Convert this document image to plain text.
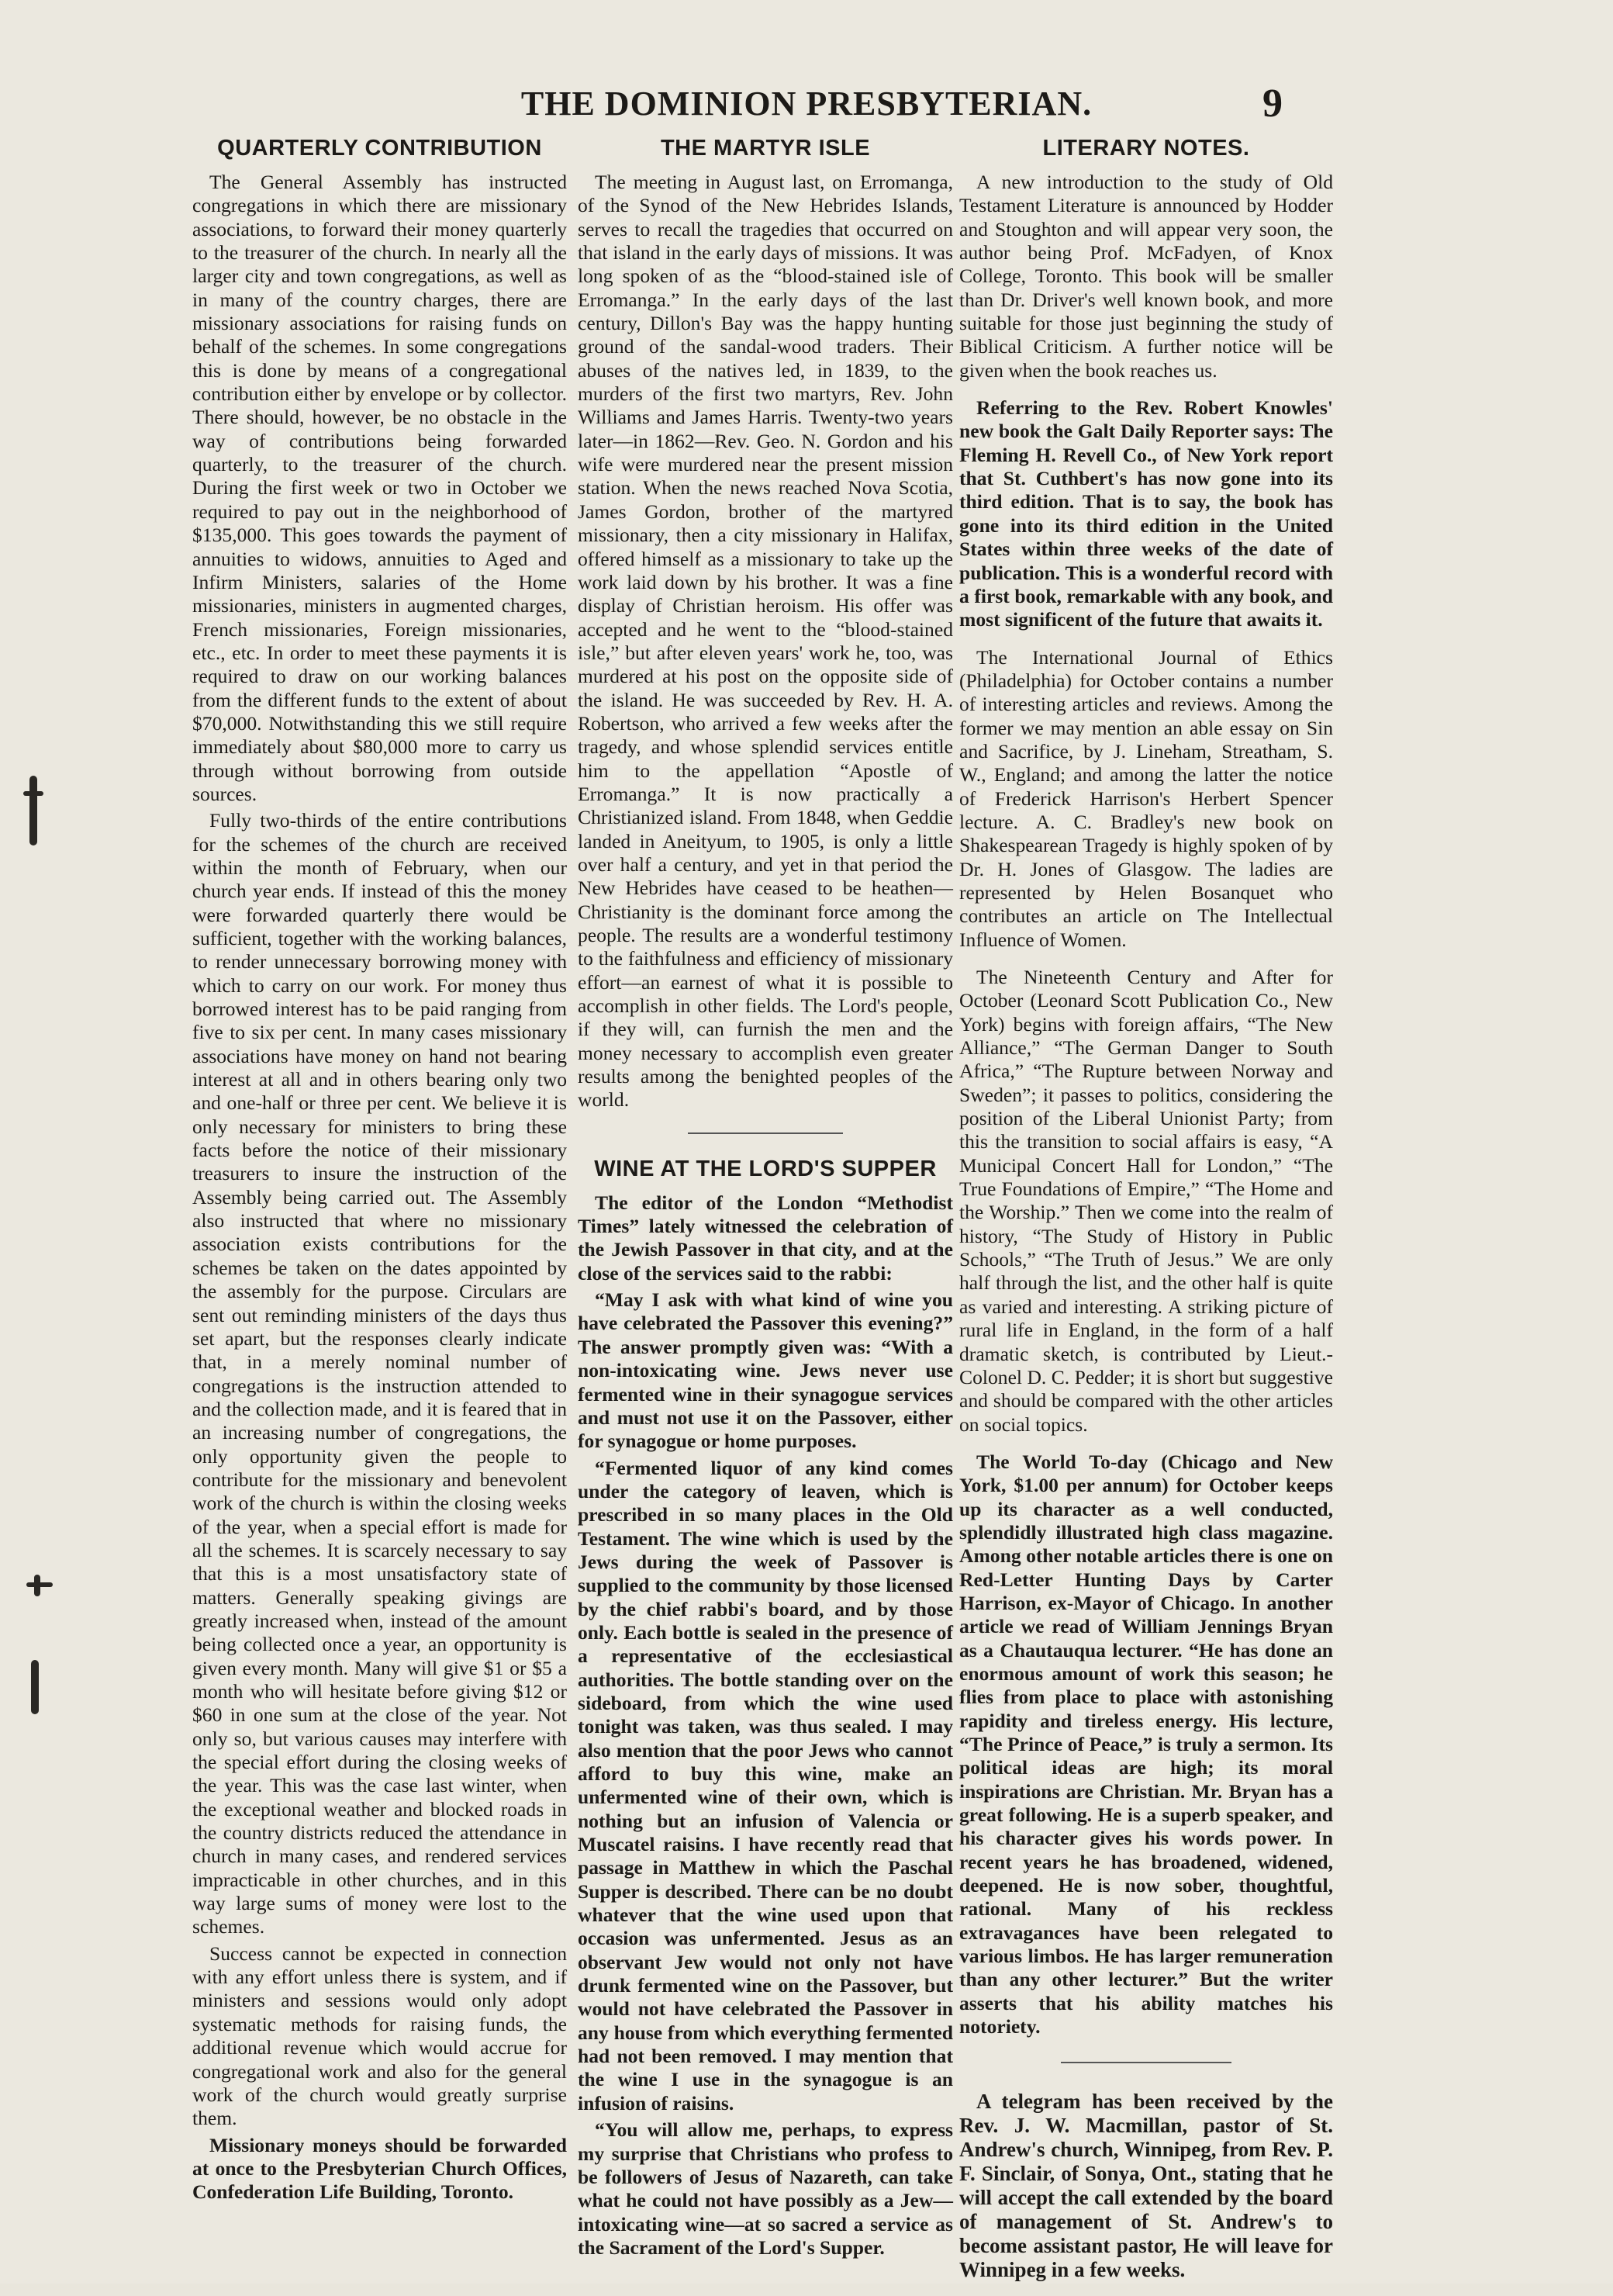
THE DOMINION PRESBYTERIAN.	9
QUARTERLY CONTRIBUTION

The General Assembly has instructed congregations in which there are missionary associations, to forward their money quarterly to the treasurer of the church. In nearly all the larger city and town congregations, as well as in many of the country charges, there are missionary associations for raising funds on behalf of the schemes. In some congregations this is done by means of a congregational contribution either by envelope or by collector. There should, however, be no obstacle in the way of contributions being forwarded quarterly, to the treasurer of the church. During the first week or two in October we required to pay out in the neighborhood of $135,000. This goes towards the payment of annuities to widows, annuities to Aged and Infirm Ministers, salaries of the Home missionaries, ministers in augmented charges, French missionaries, Foreign missionaries, etc., etc. In order to meet these payments it is required to draw on our working balances from the different funds to the extent of about $70,000. Notwithstanding this we still require immediately about $80,000 more to carry us through without borrowing from outside sources.

Fully two-thirds of the entire contributions for the schemes of the church are received within the month of February, when our church year ends. If instead of this the money were forwarded quarterly there would be sufficient, together with the working balances, to render unnecessary borrowing money with which to carry on our work. For money thus borrowed interest has to be paid ranging from five to six per cent. In many cases missionary associations have money on hand not bearing interest at all and in others bearing only two and one-half or three per cent. We believe it is only necessary for ministers to bring these facts before the notice of their missionary treasurers to insure the instruction of the Assembly being carried out. The Assembly also instructed that where no missionary association exists contributions for the schemes be taken on the dates appointed by the assembly for the purpose. Circulars are sent out reminding ministers of the days thus set apart, but the responses clearly indicate that, in a merely nominal number of congregations is the instruction attended to and the collection made, and it is feared that in an increasing number of congregations, the only opportunity given the people to contribute for the missionary and benevolent work of the church is within the closing weeks of the year, when a special effort is made for all the schemes. It is scarcely necessary to say that this is a most unsatisfactory state of matters. Generally speaking givings are greatly increased when, instead of the amount being collected once a year, an opportunity is given every month. Many will give $1 or $5 a month who will hesitate before giving $12 or $60 in one sum at the close of the year. Not only so, but various causes may interfere with the special effort during the closing weeks of the year. This was the case last winter, when the exceptional weather and blocked roads in the country districts reduced the attendance in church in many cases, and rendered services impracticable in other churches, and in this way large sums of money were lost to the schemes.

Success cannot be expected in connection with any effort unless there is system, and if ministers and sessions would only adopt systematic methods for raising funds, the additional revenue which would accrue for congregational work and also for the general work of the church would greatly surprise them.

Missionary moneys should be forwarded at once to the Presbyterian Church Offices, Confederation Life Building, Toronto.

THE MARTYR ISLE

The meeting in August last, on Erromanga, of the Synod of the New Hebrides Islands, serves to recall the tragedies that occurred on that island in the early days of missions. It was long spoken of as the “blood-stained isle of Erromanga.” In the early days of the last century, Dillon's Bay was the happy hunting ground of the sandal-wood traders. Their abuses of the natives led, in 1839, to the murders of the first two martyrs, Rev. John Williams and James Harris. Twenty-two years later—in 1862—Rev. Geo. N. Gordon and his wife were murdered near the present mission station. When the news reached Nova Scotia, James Gordon, brother of the martyred missionary, then a city missionary in Halifax, offered himself as a missionary to take up the work laid down by his brother. It was a fine display of Christian heroism. His offer was accepted and he went to the “blood-stained isle,” but after eleven years' work he, too, was murdered at his post on the opposite side of the island. He was succeeded by Rev. H. A. Robertson, who arrived a few weeks after the tragedy, and whose splendid services entitle him to the appellation “Apostle of Erromanga.” It is now practically a Christianized island. From 1848, when Geddie landed in Aneityum, to 1905, is only a little over half a century, and yet in that period the New Hebrides have ceased to be heathen—Christianity is the dominant force among the people. The results are a wonderful testimony to the faithfulness and efficiency of missionary effort—an earnest of what it is possible to accomplish in other fields. The Lord's people, if they will, can furnish the men and the money necessary to accomplish even greater results among the benighted peoples of the world.

WINE AT THE LORD'S SUPPER

The editor of the London “Methodist Times” lately witnessed the celebration of the Jewish Passover in that city, and at the close of the services said to the rabbi:

“May I ask with what kind of wine you have celebrated the Passover this evening?” The answer promptly given was: “With a non-intoxicating wine. Jews never use fermented wine in their synagogue services and must not use it on the Passover, either for synagogue or home purposes.

“Fermented liquor of any kind comes under the category of leaven, which is prescribed in so many places in the Old Testament. The wine which is used by the Jews during the week of Passover is supplied to the community by those licensed by the chief rabbi's board, and by those only. Each bottle is sealed in the presence of a representative of the ecclesiastical authorities. The bottle standing over on the sideboard, from which the wine used tonight was taken, was thus sealed. I may also mention that the poor Jews who cannot afford to buy this wine, make an unfermented wine of their own, which is nothing but an infusion of Valencia or Muscatel raisins. I have recently read that passage in Matthew in which the Paschal Supper is described. There can be no doubt whatever that the wine used upon that occasion was unfermented. Jesus as an observant Jew would not only not have drunk fermented wine on the Passover, but would not have celebrated the Passover in any house from which everything fermented had not been removed. I may mention that the wine I use in the synagogue is an infusion of raisins.

“You will allow me, perhaps, to express my surprise that Christians who profess to be followers of Jesus of Nazareth, can take what he could not have possibly as a Jew—intoxicating wine—at so sacred a service as the Sacrament of the Lord's Supper.

LITERARY NOTES.

A new introduction to the study of Old Testament Literature is announced by Hodder and Stoughton and will appear very soon, the author being Prof. McFadyen, of Knox College, Toronto. This book will be smaller than Dr. Driver's well known book, and more suitable for those just beginning the study of Biblical Criticism. A further notice will be given when the book reaches us.

Referring to the Rev. Robert Knowles' new book the Galt Daily Reporter says: The Fleming H. Revell Co., of New York report that St. Cuthbert's has now gone into its third edition. That is to say, the book has gone into its third edition in the United States within three weeks of the date of publication. This is a wonderful record with a first book, remarkable with any book, and most significent of the future that awaits it.

The International Journal of Ethics (Philadelphia) for October contains a number of interesting articles and reviews. Among the former we may mention an able essay on Sin and Sacrifice, by J. Lineham, Streatham, S. W., England; and among the latter the notice of Frederick Harrison's Herbert Spencer lecture. A. C. Bradley's new book on Shakespearean Tragedy is highly spoken of by Dr. H. Jones of Glasgow. The ladies are represented by Helen Bosanquet who contributes an article on The Intellectual Influence of Women.

The Nineteenth Century and After for October (Leonard Scott Publication Co., New York) begins with foreign affairs, “The New Alliance,” “The German Danger to South Africa,” “The Rupture between Norway and Sweden”; it passes to politics, considering the position of the Liberal Unionist Party; from this the transition to social affairs is easy, “A Municipal Concert Hall for London,” “The True Foundations of Empire,” “The Home and the Worship.” Then we come into the realm of history, “The Study of History in Public Schools,” “The Truth of Jesus.” We are only half through the list, and the other half is quite as varied and interesting. A striking picture of rural life in England, in the form of a half dramatic sketch, is contributed by Lieut.-Colonel D. C. Pedder; it is short but suggestive and should be compared with the other articles on social topics.

The World To-day (Chicago and New York, $1.00 per annum) for October keeps up its character as a well conducted, splendidly illustrated high class magazine. Among other notable articles there is one on Red-Letter Hunting Days by Carter Harrison, ex-Mayor of Chicago. In another article we read of William Jennings Bryan as a Chautauqua lecturer. “He has done an enormous amount of work this season; he flies from place to place with astonishing rapidity and tireless energy. His lecture, “The Prince of Peace,” is truly a sermon. Its political ideas are high; its moral inspirations are Christian. Mr. Bryan has a great following. He is a superb speaker, and his character gives his words power. In recent years he has broadened, widened, deepened. He is now sober, thoughtful, rational. Many of his reckless extravagances have been relegated to various limbos. He has larger remuneration than any other lecturer.” But the writer asserts that his ability matches his notoriety.

A telegram has been received by the Rev. J. W. Macmillan, pastor of St. Andrew's church, Winnipeg, from Rev. P. F. Sinclair, of Sonya, Ont., stating that he will accept the call extended by the board of management of St. Andrew's to become assistant pastor, He will leave for Winnipeg in a few weeks.
